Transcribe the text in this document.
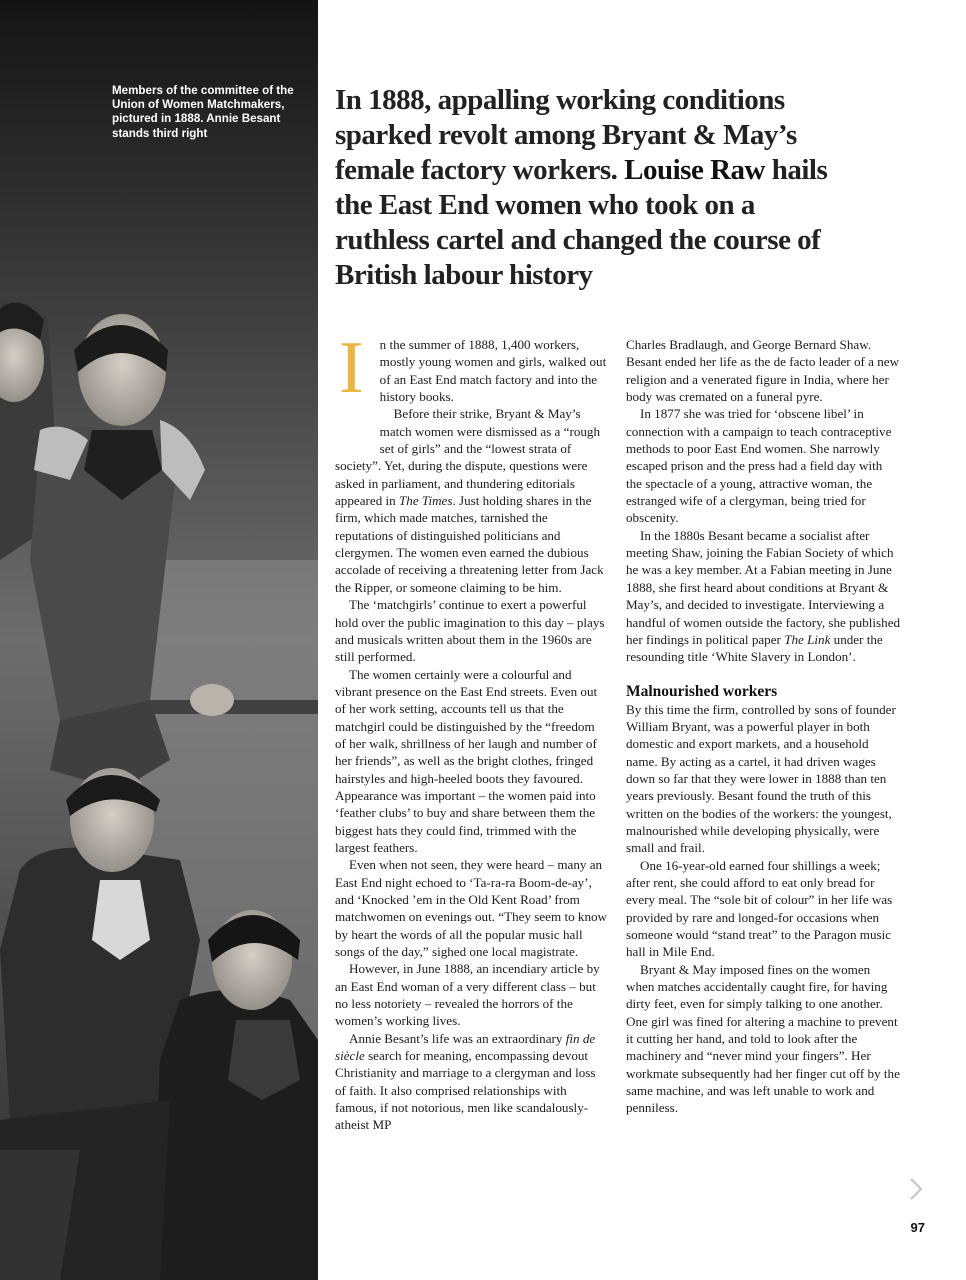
Members of the committee of the Union of Women Matchmakers, pictured in 1888. Annie Besant stands third right

In 1888, appalling working conditions sparked revolt among Bryant & May’s female factory workers. Louise Raw hails the East End women who took on a ruthless cartel and changed the course of British labour history

I n the summer of 1888, 1,400 workers, mostly young women and girls, walked out of an East End match factory and into the history books.

Before their strike, Bryant & May’s match women were dismissed as a “rough set of girls” and the “lowest strata of society”. Yet, during the dispute, questions were asked in parliament, and thundering editorials appeared in The Times. Just holding shares in the firm, which made matches, tarnished the reputations of distinguished politicians and clergymen. The women even earned the dubious accolade of receiving a threatening letter from Jack the Ripper, or someone claiming to be him.

The ‘matchgirls’ continue to exert a powerful hold over the public imagination to this day – plays and musicals written about them in the 1960s are still performed.

The women certainly were a colourful and vibrant presence on the East End streets. Even out of her work setting, accounts tell us that the matchgirl could be distinguished by the “freedom of her walk, shrillness of her laugh and number of her friends”, as well as the bright clothes, fringed hairstyles and high-heeled boots they favoured. Appearance was important – the women paid into ‘feather clubs’ to buy and share between them the biggest hats they could find, trimmed with the largest feathers.

Even when not seen, they were heard – many an East End night echoed to ‘Ta-ra-ra Boom-de-ay’, and ‘Knocked ’em in the Old Kent Road’ from matchwomen on evenings out. “They seem to know by heart the words of all the popular music hall songs of the day,” sighed one local magistrate.

However, in June 1888, an incendiary article by an East End woman of a very different class – but no less notoriety – revealed the horrors of the women’s working lives.

Annie Besant’s life was an extraordinary fin de siècle search for meaning, encompassing devout Christianity and marriage to a clergyman and loss of faith. It also comprised relationships with famous, if not notorious, men like scandalously-atheist MP

Charles Bradlaugh, and George Bernard Shaw. Besant ended her life as the de facto leader of a new religion and a venerated figure in India, where her body was cremated on a funeral pyre.

In 1877 she was tried for ‘obscene libel’ in connection with a campaign to teach contraceptive methods to poor East End women. She narrowly escaped prison and the press had a field day with the spectacle of a young, attractive woman, the estranged wife of a clergyman, being tried for obscenity.

In the 1880s Besant became a socialist after meeting Shaw, joining the Fabian Society of which he was a key member. At a Fabian meeting in June 1888, she first heard about conditions at Bryant & May’s, and decided to investigate. Interviewing a handful of women outside the factory, she published her findings in political paper The Link under the resounding title ‘White Slavery in London’.

Malnourished workers

By this time the firm, controlled by sons of founder William Bryant, was a powerful player in both domestic and export markets, and a household name. By acting as a cartel, it had driven wages down so far that they were lower in 1888 than ten years previously. Besant found the truth of this written on the bodies of the workers: the youngest, malnourished while developing physically, were small and frail.

One 16-year-old earned four shillings a week; after rent, she could afford to eat only bread for every meal. The “sole bit of colour” in her life was provided by rare and longed-for occasions when someone would “stand treat” to the Paragon music hall in Mile End.

Bryant & May imposed fines on the women when matches accidentally caught fire, for having dirty feet, even for simply talking to one another. One girl was fined for altering a machine to prevent it cutting her hand, and told to look after the machinery and “never mind your fingers”. Her workmate subsequently had her finger cut off by the same machine, and was left unable to work and penniless.

97
